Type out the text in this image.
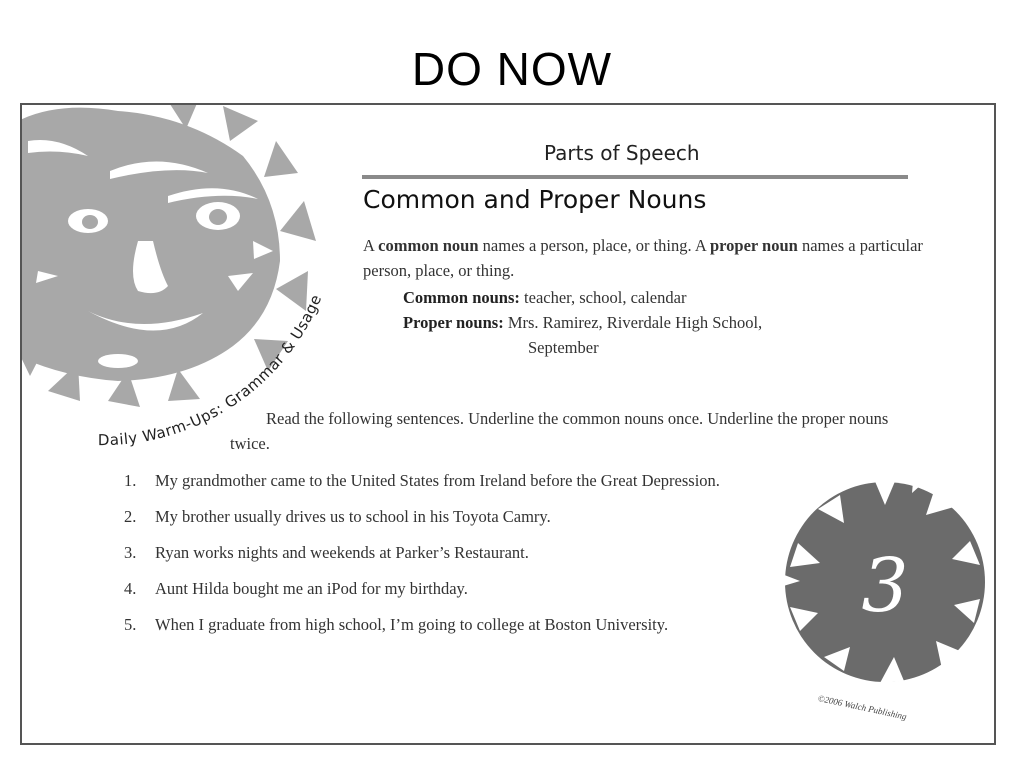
DO NOW
Daily Warm-Ups: Grammar & Usage
Parts of Speech
Common and Proper Nouns
A common noun names a person, place, or thing. A proper noun names a particular person, place, or thing.
Common nouns: teacher, school, calendar
Proper nouns: Mrs. Ramirez, Riverdale High School,
September
Read the following sentences. Underline the common nouns once. Underline the proper nouns twice.
1. My grandmother came to the United States from Ireland before the Great Depression.
2. My brother usually drives us to school in his Toyota Camry.
3. Ryan works nights and weekends at Parker’s Restaurant.
4. Aunt Hilda bought me an iPod for my birthday.
5. When I graduate from high school, I’m going to college at Boston University.	3
©2006 Walch Publishing
